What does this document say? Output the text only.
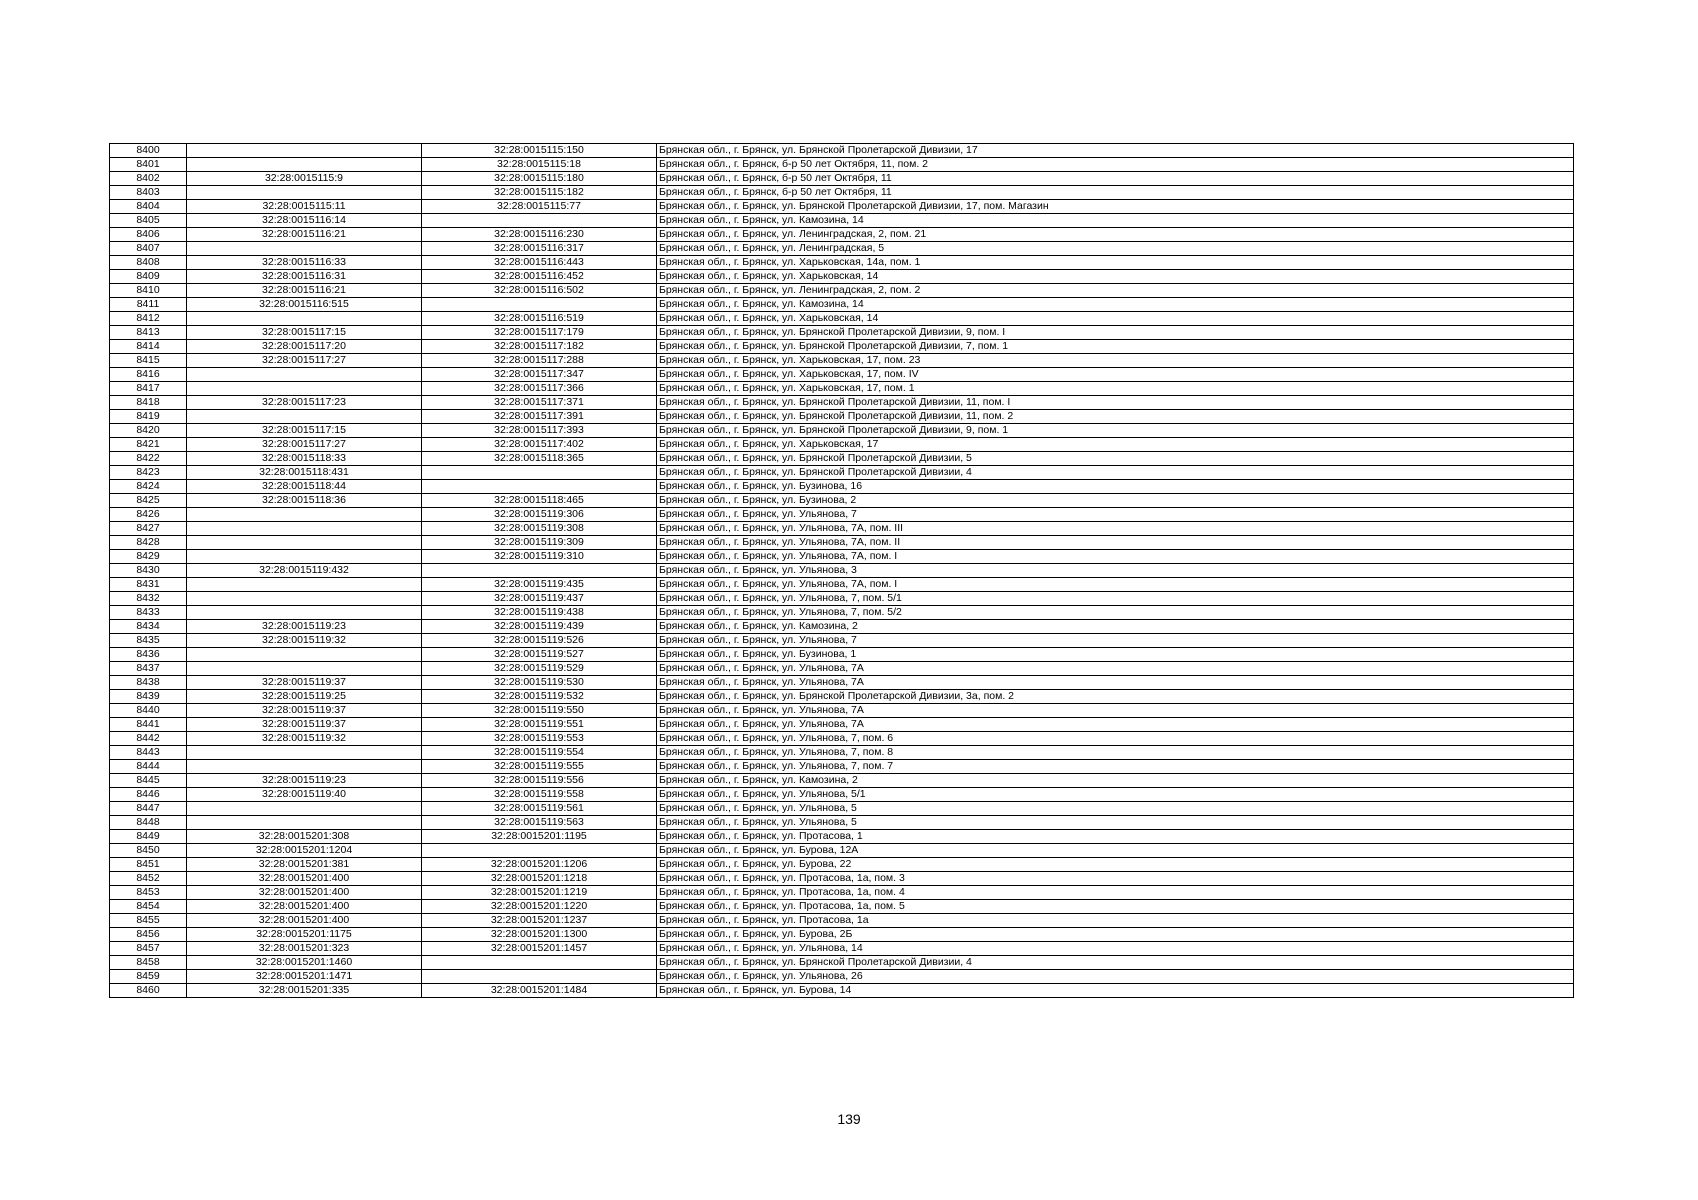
8400		32:28:0015115:150	Брянская обл., г. Брянск, ул. Брянской Пролетарской Дивизии, 17
8401		32:28:0015115:18	Брянская обл., г. Брянск, б-р 50 лет Октября, 11, пом. 2
8402	32:28:0015115:9	32:28:0015115:180	Брянская обл., г. Брянск, б-р 50 лет Октября, 11
8403		32:28:0015115:182	Брянская обл., г. Брянск, б-р 50 лет Октября, 11
8404	32:28:0015115:11	32:28:0015115:77	Брянская обл., г. Брянск, ул. Брянской Пролетарской Дивизии, 17, пом. Магазин
8405	32:28:0015116:14		Брянская обл., г. Брянск, ул. Камозина, 14
8406	32:28:0015116:21	32:28:0015116:230	Брянская обл., г. Брянск, ул. Ленинградская, 2, пом. 21
8407		32:28:0015116:317	Брянская обл., г. Брянск, ул. Ленинградская, 5
8408	32:28:0015116:33	32:28:0015116:443	Брянская обл., г. Брянск, ул. Харьковская, 14а, пом. 1
8409	32:28:0015116:31	32:28:0015116:452	Брянская обл., г. Брянск, ул. Харьковская, 14
8410	32:28:0015116:21	32:28:0015116:502	Брянская обл., г. Брянск, ул. Ленинградская, 2, пом. 2
8411	32:28:0015116:515		Брянская обл., г. Брянск, ул. Камозина, 14
8412		32:28:0015116:519	Брянская обл., г. Брянск, ул. Харьковская, 14
8413	32:28:0015117:15	32:28:0015117:179	Брянская обл., г. Брянск, ул. Брянской Пролетарской Дивизии, 9, пом. I
8414	32:28:0015117:20	32:28:0015117:182	Брянская обл., г. Брянск, ул. Брянской Пролетарской Дивизии, 7, пом. 1
8415	32:28:0015117:27	32:28:0015117:288	Брянская обл., г. Брянск, ул. Харьковская, 17, пом. 23
8416		32:28:0015117:347	Брянская обл., г. Брянск, ул. Харьковская, 17, пом. IV
8417		32:28:0015117:366	Брянская обл., г. Брянск, ул. Харьковская, 17, пом. 1
8418	32:28:0015117:23	32:28:0015117:371	Брянская обл., г. Брянск, ул. Брянской Пролетарской Дивизии, 11, пом. I
8419		32:28:0015117:391	Брянская обл., г. Брянск, ул. Брянской Пролетарской Дивизии, 11, пом. 2
8420	32:28:0015117:15	32:28:0015117:393	Брянская обл., г. Брянск, ул. Брянской Пролетарской Дивизии, 9, пом. 1
8421	32:28:0015117:27	32:28:0015117:402	Брянская обл., г. Брянск, ул. Харьковская, 17
8422	32:28:0015118:33	32:28:0015118:365	Брянская обл., г. Брянск, ул. Брянской Пролетарской Дивизии, 5
8423	32:28:0015118:431		Брянская обл., г. Брянск, ул. Брянской Пролетарской Дивизии, 4
8424	32:28:0015118:44		Брянская обл., г. Брянск, ул. Бузинова, 16
8425	32:28:0015118:36	32:28:0015118:465	Брянская обл., г. Брянск, ул. Бузинова, 2
8426		32:28:0015119:306	Брянская обл., г. Брянск, ул. Ульянова, 7
8427		32:28:0015119:308	Брянская обл., г. Брянск, ул. Ульянова, 7А, пом. III
8428		32:28:0015119:309	Брянская обл., г. Брянск, ул. Ульянова, 7А, пом. II
8429		32:28:0015119:310	Брянская обл., г. Брянск, ул. Ульянова, 7А, пом. I
8430	32:28:0015119:432		Брянская обл., г. Брянск, ул. Ульянова, 3
8431		32:28:0015119:435	Брянская обл., г. Брянск, ул. Ульянова, 7А, пом. I
8432		32:28:0015119:437	Брянская обл., г. Брянск, ул. Ульянова, 7, пом. 5/1
8433		32:28:0015119:438	Брянская обл., г. Брянск, ул. Ульянова, 7, пом. 5/2
8434	32:28:0015119:23	32:28:0015119:439	Брянская обл., г. Брянск, ул. Камозина, 2
8435	32:28:0015119:32	32:28:0015119:526	Брянская обл., г. Брянск, ул. Ульянова, 7
8436		32:28:0015119:527	Брянская обл., г. Брянск, ул. Бузинова, 1
8437		32:28:0015119:529	Брянская обл., г. Брянск, ул. Ульянова, 7А
8438	32:28:0015119:37	32:28:0015119:530	Брянская обл., г. Брянск, ул. Ульянова, 7А
8439	32:28:0015119:25	32:28:0015119:532	Брянская обл., г. Брянск, ул. Брянской Пролетарской Дивизии, 3а, пом. 2
8440	32:28:0015119:37	32:28:0015119:550	Брянская обл., г. Брянск, ул. Ульянова, 7А
8441	32:28:0015119:37	32:28:0015119:551	Брянская обл., г. Брянск, ул. Ульянова, 7А
8442	32:28:0015119:32	32:28:0015119:553	Брянская обл., г. Брянск, ул. Ульянова, 7, пом. 6
8443		32:28:0015119:554	Брянская обл., г. Брянск, ул. Ульянова, 7, пом. 8
8444		32:28:0015119:555	Брянская обл., г. Брянск, ул. Ульянова, 7, пом. 7
8445	32:28:0015119:23	32:28:0015119:556	Брянская обл., г. Брянск, ул. Камозина, 2
8446	32:28:0015119:40	32:28:0015119:558	Брянская обл., г. Брянск, ул. Ульянова, 5/1
8447		32:28:0015119:561	Брянская обл., г. Брянск, ул. Ульянова, 5
8448		32:28:0015119:563	Брянская обл., г. Брянск, ул. Ульянова, 5
8449	32:28:0015201:308	32:28:0015201:1195	Брянская обл., г. Брянск, ул. Протасова, 1
8450	32:28:0015201:1204		Брянская обл., г. Брянск, ул. Бурова, 12А
8451	32:28:0015201:381	32:28:0015201:1206	Брянская обл., г. Брянск, ул. Бурова, 22
8452	32:28:0015201:400	32:28:0015201:1218	Брянская обл., г. Брянск, ул. Протасова, 1а, пом. 3
8453	32:28:0015201:400	32:28:0015201:1219	Брянская обл., г. Брянск, ул. Протасова, 1а, пом. 4
8454	32:28:0015201:400	32:28:0015201:1220	Брянская обл., г. Брянск, ул. Протасова, 1а, пом. 5
8455	32:28:0015201:400	32:28:0015201:1237	Брянская обл., г. Брянск, ул. Протасова, 1а
8456	32:28:0015201:1175	32:28:0015201:1300	Брянская обл., г. Брянск, ул. Бурова, 2Б
8457	32:28:0015201:323	32:28:0015201:1457	Брянская обл., г. Брянск, ул. Ульянова, 14
8458	32:28:0015201:1460		Брянская обл., г. Брянск, ул. Брянской Пролетарской Дивизии, 4
8459	32:28:0015201:1471		Брянская обл., г. Брянск, ул. Ульянова, 26
8460	32:28:0015201:335	32:28:0015201:1484	Брянская обл., г. Брянск, ул. Бурова, 14
139
